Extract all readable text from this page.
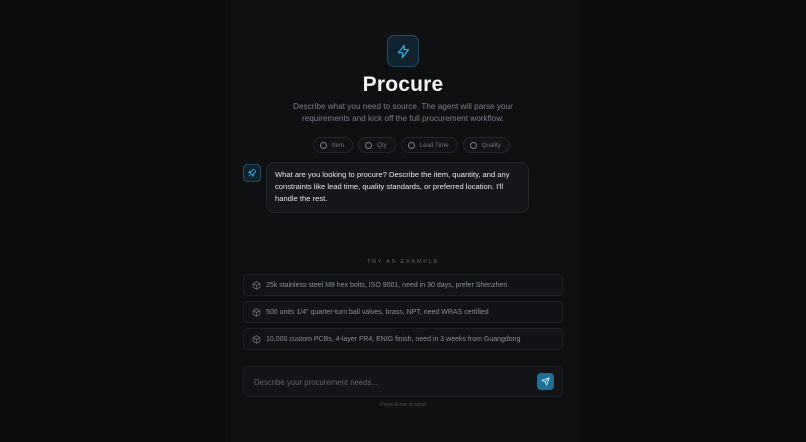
Procure
Describe what you need to source. The agent will parse your requirements and kick off the full procurement workflow.
Item	Qty	Lead Time	Quality
What are you looking to procure? Describe the item, quantity, and any constraints like lead time, quality standards, or preferred location. I'll handle the rest.
TRY AN EXAMPLE
25k stainless steel M8 hex bolts, ISO 9001, need in 30 days, prefer Shenzhen
500 units 1/4" quarter-turn ball valves, brass, NPT, need WRAS certified
10,000 custom PCBs, 4-layer FR4, ENIG finish, need in 3 weeks from Guangdong
Describe your procurement needs...
Press Enter to send
